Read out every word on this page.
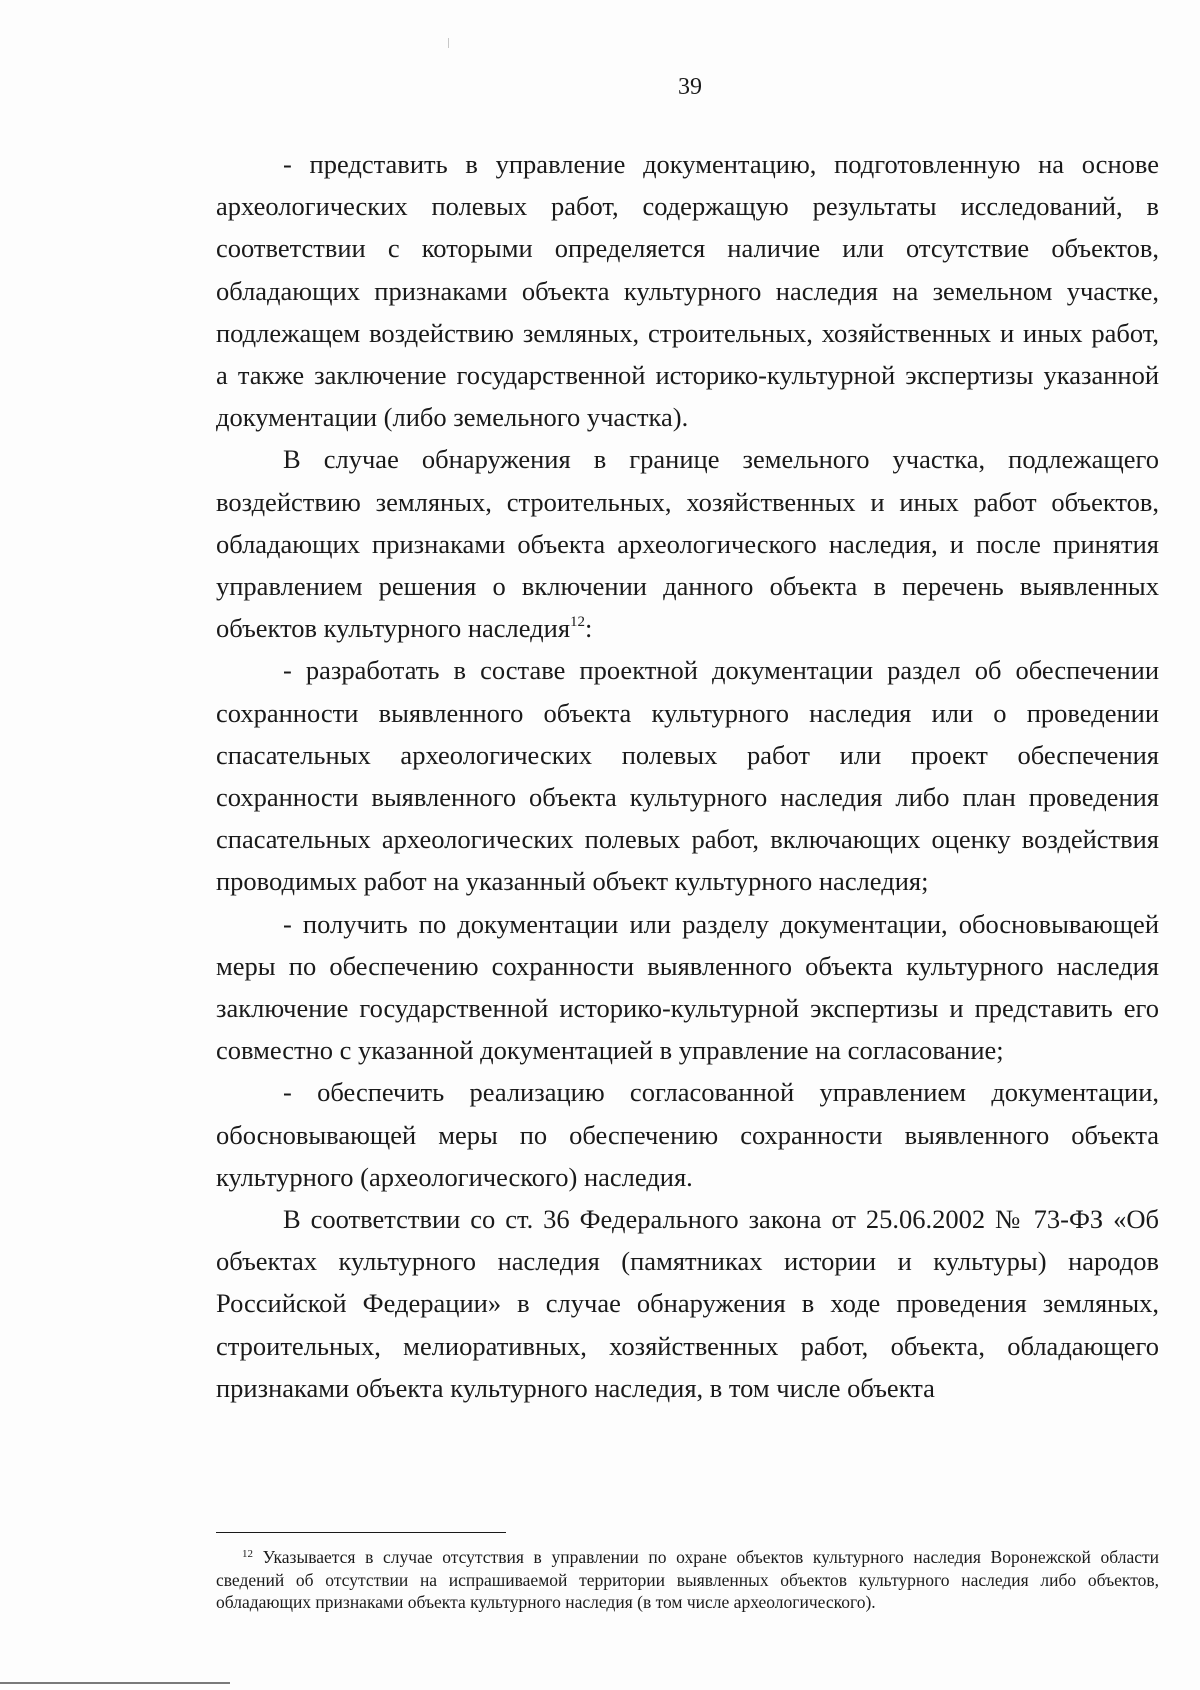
39

- представить в управление документацию, подготовленную на основе археологических полевых работ, содержащую результаты исследований, в соответствии с которыми определяется наличие или отсутствие объектов, обладающих признаками объекта культурного наследия на земельном участке, подлежащем воздействию земляных, строительных, хозяйственных и иных работ, а также заключение государственной историко-культурной экспертизы указанной документации (либо земельного участка).

В случае обнаружения в границе земельного участка, подлежащего воздействию земляных, строительных, хозяйственных и иных работ объектов, обладающих признаками объекта археологического наследия, и после принятия управлением решения о включении данного объекта в перечень выявленных объектов культурного наследия$^{12}$:

- разработать в составе проектной документации раздел об обеспечении сохранности выявленного объекта культурного наследия или о проведении спасательных археологических полевых работ или проект обеспечения сохранности выявленного объекта культурного наследия либо план проведения спасательных археологических полевых работ, включающих оценку воздействия проводимых работ на указанный объект культурного наследия;

- получить по документации или разделу документации, обосновывающей меры по обеспечению сохранности выявленного объекта культурного наследия заключение государственной историко-культурной экспертизы и представить его совместно с указанной документацией в управление на согласование;

- обеспечить реализацию согласованной управлением документации, обосновывающей меры по обеспечению сохранности выявленного объекта культурного (археологического) наследия.

В соответствии со ст. 36 Федерального закона от 25.06.2002 № 73-ФЗ «Об объектах культурного наследия (памятниках истории и культуры) народов Российской Федерации» в случае обнаружения в ходе проведения земляных, строительных, мелиоративных, хозяйственных работ, объекта, обладающего признаками объекта культурного наследия, в том числе объекта

$^{12}$ Указывается в случае отсутствия в управлении по охране объектов культурного наследия Воронежской области сведений об отсутствии на испрашиваемой территории выявленных объектов культурного наследия либо объектов, обладающих признаками объекта культурного наследия (в том числе археологического).
